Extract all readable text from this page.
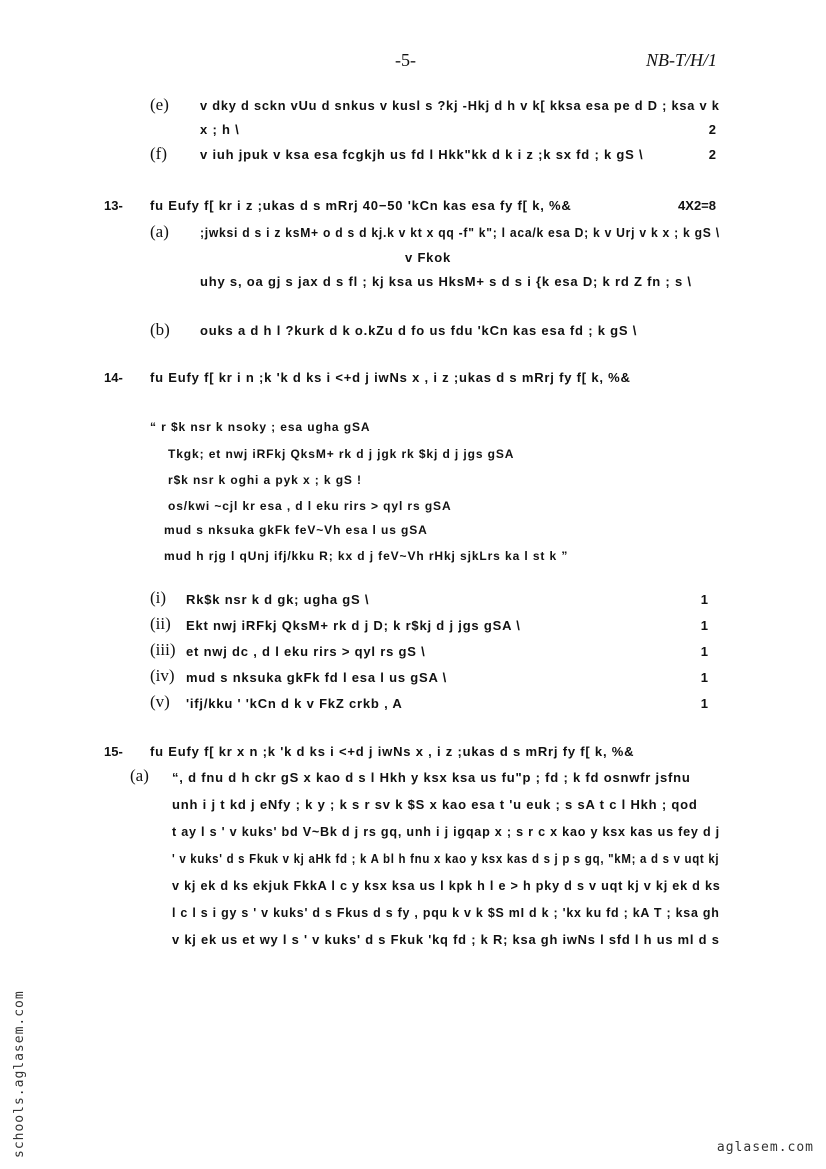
-5-	NB-T/H/1
(e) v dky d sckn vUu d snkus v kusl s ?kj -Hkj d h v k[ kksa esa pe d D ; ksa v k
x ; h \	2
(f)	v iuh jpuk v ksa esa fcgkjh us fd l Hkk"kk d k i z ;k sx fd ; k gS \	2
13- fu Eufy f[ kr i z ;ukas d s mRrj 40−50 'kCn kas esa fy f[ k, %&	4X2=8
(a) ;jwksi d s i z ksM+ o d s d kj.k v kt x qq -f" k"; l aca/k esa D; k v Urj v k x ; k gS \
v Fkok
uhy s, oa gj s jax d s fl ; kj ksa us HksM+ s d s i {k esa D; k rd Z fn ; s \
(b) ouks a d h l ?kurk d k o.kZu d fo us fdu 'kCn kas esa fd ; k gS \
14- fu Eufy f[ kr i n ;k 'k d ks i <+d j iwNs x , i z ;ukas d s mRrj fy f[ k, %&
“ r $k nsr k nsoky ; esa ugha gSA
Tkgk; et nwj iRFkj QksM+ rk d j jgk rk $kj d j jgs gSA
r$k nsr k oghi a pyk x ; k gS !
os/kwi ~cjl kr esa , d l eku rirs > qyl rs gSA
mud s nksuka gkFk feV~Vh esa l us gSA
mud h rjg l qUnj ifj/kku R; kx d j feV~Vh rHkj sjkLrs ka l st k ”
(i) Rk$k nsr k d gk; ugha gS \	1
(ii) Ekt nwj iRFkj QksM+ rk d j D; k r$kj d j jgs gSA \	1
(iii) et nwj dc , d l eku rirs > qyl rs gS \	1
(iv) mud s nksuka gkFk fd l esa l us gSA \	1
(v) 'ifj/kku ' 'kCn d k v FkZ crkb , A	1
15- fu Eufy f[ kr x n ;k 'k d ks i <+d j iwNs x , i z ;ukas d s mRrj fy f[ k, %&
(a) “, d fnu d h ckr gS x kao d s l Hkh y ksx ksa us fu"p ; fd ; k fd osnwfr jsfnu
unh i j t kd j eNfy ; k y ; k s r sv k $S x kao esa t 'u euk ; s sA t c l Hkh ; qod
t ay l s ' v kuks' bd V~Bk d j rs gq, unh i j igqap x ; s r c x kao y ksx kas us fey d j
' v kuks' d s Fkuk v kj aHk fd ; k A bl h fnu x kao y ksx kas d s j p s gq, "kM; a d s v uqt kj
v kj ek d ks ekjuk FkkA l c y ksx ksa us l kpk h l e > h pky d s v uqt kj v kj ek d ks
l c l s i gy s ' v kuks' d s Fkus d s fy , pqu k v k $S mI d k ; 'kx ku fd ; kA T ; ksa gh
v kj ek us et wy l s ' v kuks' d s Fkuk 'kq fd ; k R; ksa gh iwNs l sfd l h us ml d s
schools.aglasem.com	aglasem.com
